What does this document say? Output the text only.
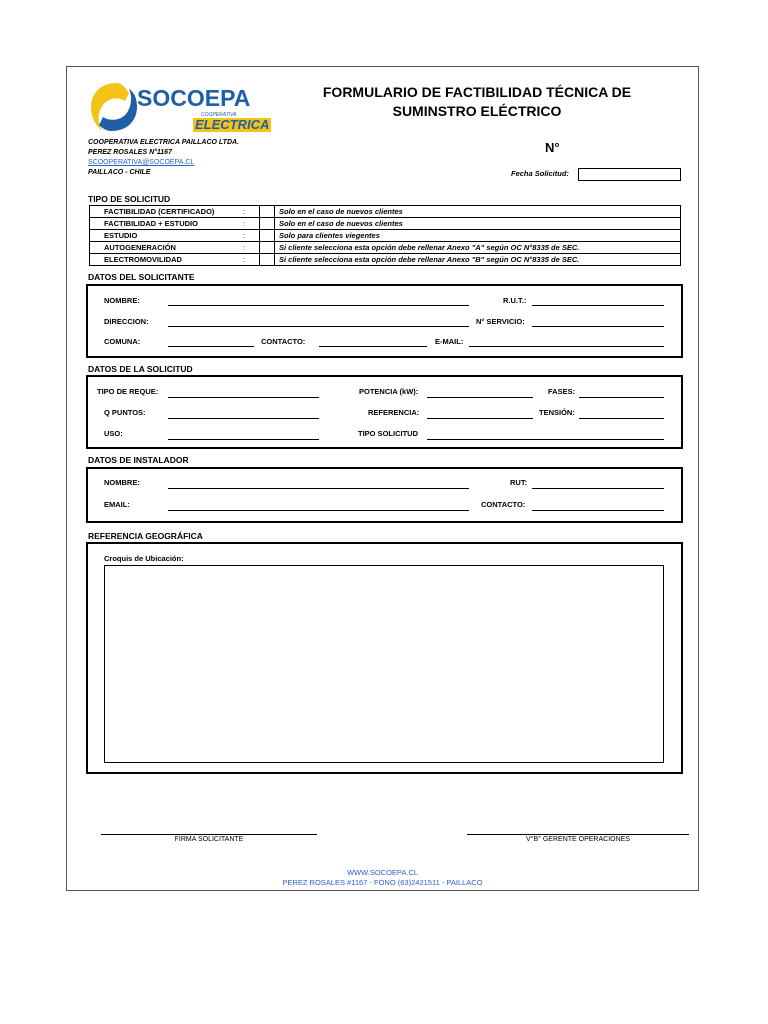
SOCOEPA
COOPERATIVA
ELECTRICA
FORMULARIO DE FACTIBILIDAD TÉCNICA DE
SUMINSTRO ELÉCTRICO
N°
COOPERATIVA ELECTRICA PAILLACO LTDA.
PEREZ ROSALES N°1167
SCOOPERATIVA@SOCOEPA.CL
PAILLACO - CHILE	Fecha Solicitud:
TIPO DE SOLICITUD
FACTIBILIDAD (CERTIFICADO)	:		Solo en el caso de nuevos clientes
FACTIBILIDAD + ESTUDIO	:		Solo en el caso de nuevos clientes
ESTUDIO	:		Solo para clientes viegentes
AUTOGENERACIÓN	:		Si cliente selecciona esta opción debe rellenar Anexo "A" según OC N°8335 de SEC.
ELECTROMOVILIDAD	:		Si cliente selecciona esta opción debe rellenar Anexo "B" según OC N°8335 de SEC.
DATOS DEL SOLICITANTE
NOMBRE:	R.U.T.:
DIRECCION:	N° SERVICIO:
COMUNA:	CONTACTO:	E-MAIL:
DATOS DE LA SOLICITUD
TIPO DE REQUE:	POTENCIA (kW):	FASES:
Q PUNTOS:	REFERENCIA:	TENSIÓN:
USO:	TIPO SOLICITUD
DATOS DE INSTALADOR
NOMBRE:	RUT:
EMAIL:	CONTACTO:
REFERENCIA GEOGRÁFICA
Croquis de Ubicación:
FIRMA SOLICITANTE	V°B° GERENTE OPERACIONES
WWW.SOCOEPA.CL
PEREZ ROSALES #1167 - FONO (63)2421511 - PAILLACO
